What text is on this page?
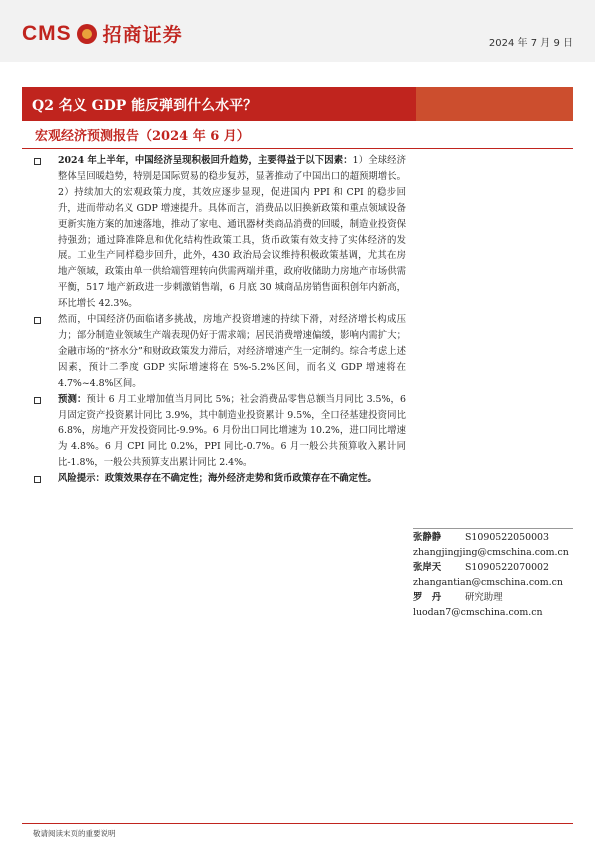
CMS 招商证券	2024 年 7 月 9 日
Q2 名义 GDP 能反弹到什么水平？
宏观经济预测报告（2024 年 6 月）
2024 年上半年，中国经济呈现积极回升趋势，主要得益于以下因素：1）全球经济整体呈回暖趋势，特别是国际贸易的稳步复苏，显著推动了中国出口的超预期增长。2）持续加大的宏观政策力度，其效应逐步显现，促进国内 PPI 和 CPI 的稳步回升，进而带动名义 GDP 增速提升。具体而言，消费品以旧换新政策和重点领域设备更新实施方案的加速落地，推动了家电、通讯器材类商品消费的回暖，制造业投资保持强劲；通过降准降息和优化结构性政策工具，货币政策有效支持了实体经济的发展。工业生产同样稳步回升，此外，430 政治局会议维持积极政策基调，尤其在房地产领域，政策由单一供给端管理转向供需两端并重，政府收储助力房地产市场供需平衡，517 地产新政进一步刺激销售端，6 月底 30 城商品房销售面积创年内新高，环比增长 42.3%。
然而，中国经济仍面临诸多挑战，房地产投资增速的持续下滑，对经济增长构成压力；部分制造业领域生产端表现仍好于需求端；居民消费增速偏缓，影响内需扩大；金融市场的“挤水分”和财政政策发力滞后，对经济增速产生一定制约。综合考虑上述因素，预计二季度 GDP 实际增速将在 5%-5.2%区间，而名义 GDP 增速将在 4.7%~4.8%区间。
预测：预计 6 月工业增加值当月同比 5%；社会消费品零售总额当月同比 3.5%，6 月固定资产投资累计同比 3.9%，其中制造业投资累计 9.5%，全口径基建投资同比 6.8%，房地产开发投资同比-9.9%。6 月份出口同比增速为 10.2%，进口同比增速为 4.8%。6 月 CPI 同比 0.2%，PPI 同比-0.7%。6 月一般公共预算收入累计同比-1.8%，一般公共预算支出累计同比 2.4%。
风险提示：政策效果存在不确定性；海外经济走势和货币政策存在不确定性。
张静静	S1090522050003
zhangjingjing@cmschina.com.cn
张岸天	S1090522070002
zhangantian@cmschina.com.cn
罗　丹	研究助理
luodan7@cmschina.com.cn
敬请阅读末页的重要说明
